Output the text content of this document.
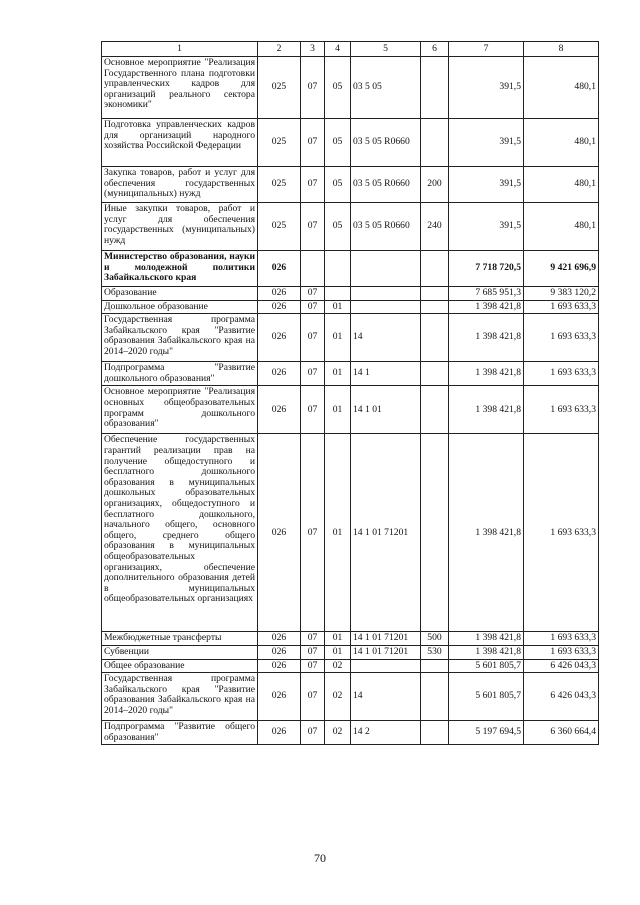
1	2	3	4	5	6	7	8
Основное мероприятие "Реализация Государственного плана подготовки управленческих кадров для организаций реального сектора экономики"	025	07	05	03 5 05		391,5	480,1
Подготовка управленческих кадров для организаций народного хозяйства Российской Федерации	025	07	05	03 5 05 R0660		391,5	480,1
Закупка товаров, работ и услуг для обеспечения государственных (муниципальных) нужд	025	07	05	03 5 05 R0660	200	391,5	480,1
Иные закупки товаров, работ и услуг для обеспечения государственных (муниципальных) нужд	025	07	05	03 5 05 R0660	240	391,5	480,1
Министерство образования, науки и молодежной политики Забайкальского края	026					7 718 720,5	9 421 696,9
Образование	026	07				7 685 951,3	9 383 120,2
Дошкольное образование	026	07	01			1 398 421,8	1 693 633,3
Государственная программа Забайкальского края "Развитие образования Забайкальского края на 2014–2020 годы"	026	07	01	14		1 398 421,8	1 693 633,3
Подпрограмма "Развитие дошкольного образования"	026	07	01	14 1		1 398 421,8	1 693 633,3
Основное мероприятие "Реализация основных общеобразовательных программ дошкольного образования"	026	07	01	14 1 01		1 398 421,8	1 693 633,3
Обеспечение государственных гарантий реализации прав на получение общедоступного и бесплатного дошкольного образования в муниципальных дошкольных образовательных организациях, общедоступного и бесплатного дошкольного, начального общего, основного общего, среднего общего образования в муниципальных общеобразовательных организациях, обеспечение дополнительного образования детей в муниципальных общеобразовательных организациях	026	07	01	14 1 01 71201		1 398 421,8	1 693 633,3
Межбюджетные трансферты	026	07	01	14 1 01 71201	500	1 398 421,8	1 693 633,3
Субвенции	026	07	01	14 1 01 71201	530	1 398 421,8	1 693 633,3
Общее образование	026	07	02			5 601 805,7	6 426 043,3
Государственная программа Забайкальского края "Развитие образования Забайкальского края на 2014–2020 годы"	026	07	02	14		5 601 805,7	6 426 043,3
Подпрограмма "Развитие общего образования"	026	07	02	14 2		5 197 694,5	6 360 664,4
70
